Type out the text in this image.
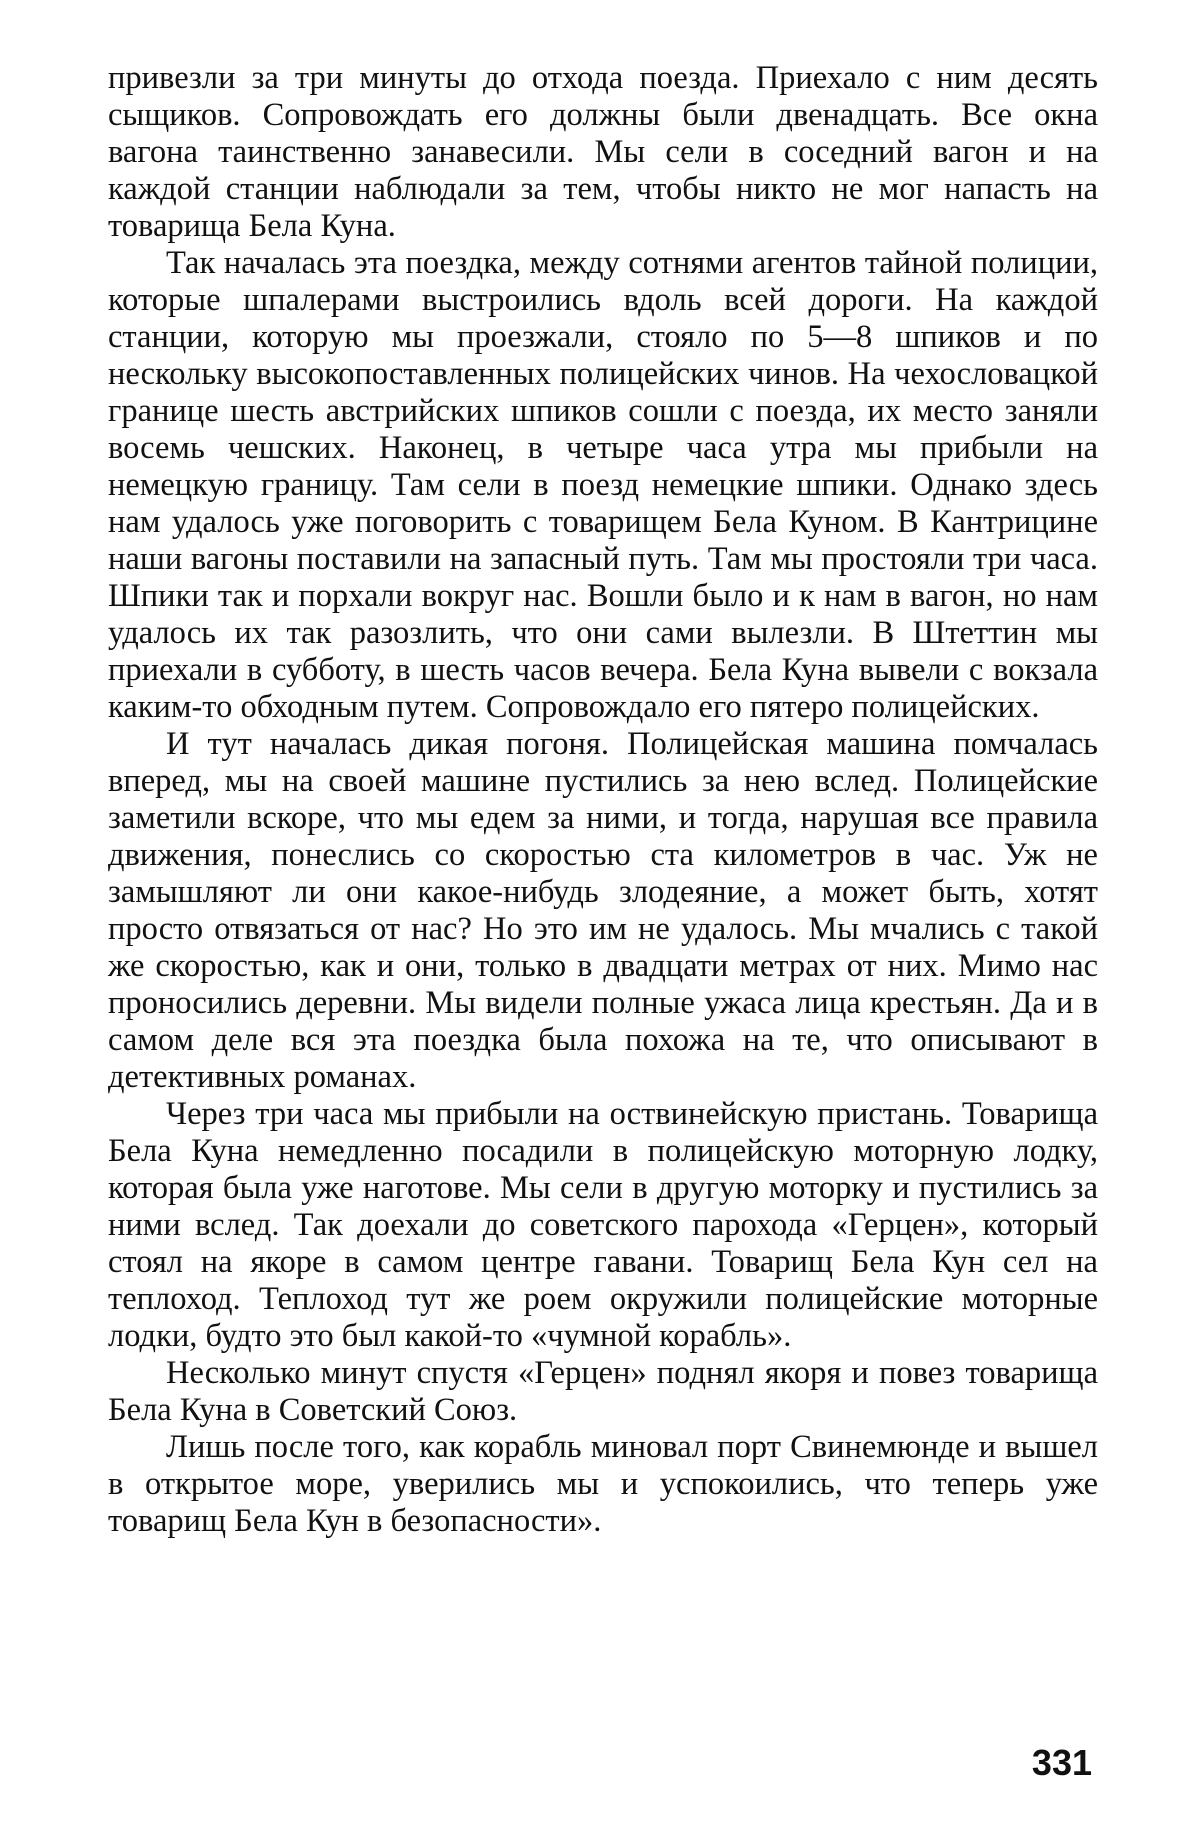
привезли за три минуты до отхода поезда. Приехало с ним десять сыщиков. Сопровождать его должны были двенадцать. Все окна вагона таинственно занавесили. Мы сели в соседний вагон и на каждой станции наблюдали за тем, чтобы никто не мог напасть на товарища Бела Куна.

Так началась эта поездка, между сотнями агентов тайной полиции, которые шпалерами выстроились вдоль всей дороги. На каждой станции, которую мы проезжали, стояло по 5—8 шпиков и по нескольку высокопоставленных полицейских чинов. На чехословацкой границе шесть австрийских шпиков сошли с поезда, их место заняли восемь чешских. Наконец, в четыре часа утра мы прибыли на немецкую границу. Там сели в поезд немецкие шпики. Однако здесь нам удалось уже поговорить с товарищем Бела Куном. В Кантрицине наши вагоны поставили на запасный путь. Там мы простояли три часа. Шпики так и порхали вокруг нас. Вошли было и к нам в вагон, но нам удалось их так разозлить, что они сами вылезли. В Штеттин мы приехали в субботу, в шесть часов вечера. Бела Куна вывели с вокзала каким-то обходным путем. Сопровождало его пятеро полицейских.

И тут началась дикая погоня. Полицейская машина помчалась вперед, мы на своей машине пустились за нею вслед. Полицейские заметили вскоре, что мы едем за ними, и тогда, нарушая все правила движения, понеслись со скоростью ста километров в час. Уж не замышляют ли они какое-нибудь злодеяние, а может быть, хотят просто отвязаться от нас? Но это им не удалось. Мы мчались с такой же скоростью, как и они, только в двадцати метрах от них. Мимо нас проносились деревни. Мы видели полные ужаса лица крестьян. Да и в самом деле вся эта поездка была похожа на те, что описывают в детективных романах.

Через три часа мы прибыли на оствинейскую пристань. Товарища Бела Куна немедленно посадили в полицейскую моторную лодку, которая была уже наготове. Мы сели в другую моторку и пустились за ними вслед. Так доехали до советского парохода «Герцен», который стоял на якоре в самом центре гавани. Товарищ Бела Кун сел на теплоход. Теплоход тут же роем окружили полицейские моторные лодки, будто это был какой-то «чумной корабль».

Несколько минут спустя «Герцен» поднял якоря и повез товарища Бела Куна в Советский Союз.

Лишь после того, как корабль миновал порт Свинемюнде и вышел в открытое море, уверились мы и успокоились, что теперь уже товарищ Бела Кун в безопасности».

331
